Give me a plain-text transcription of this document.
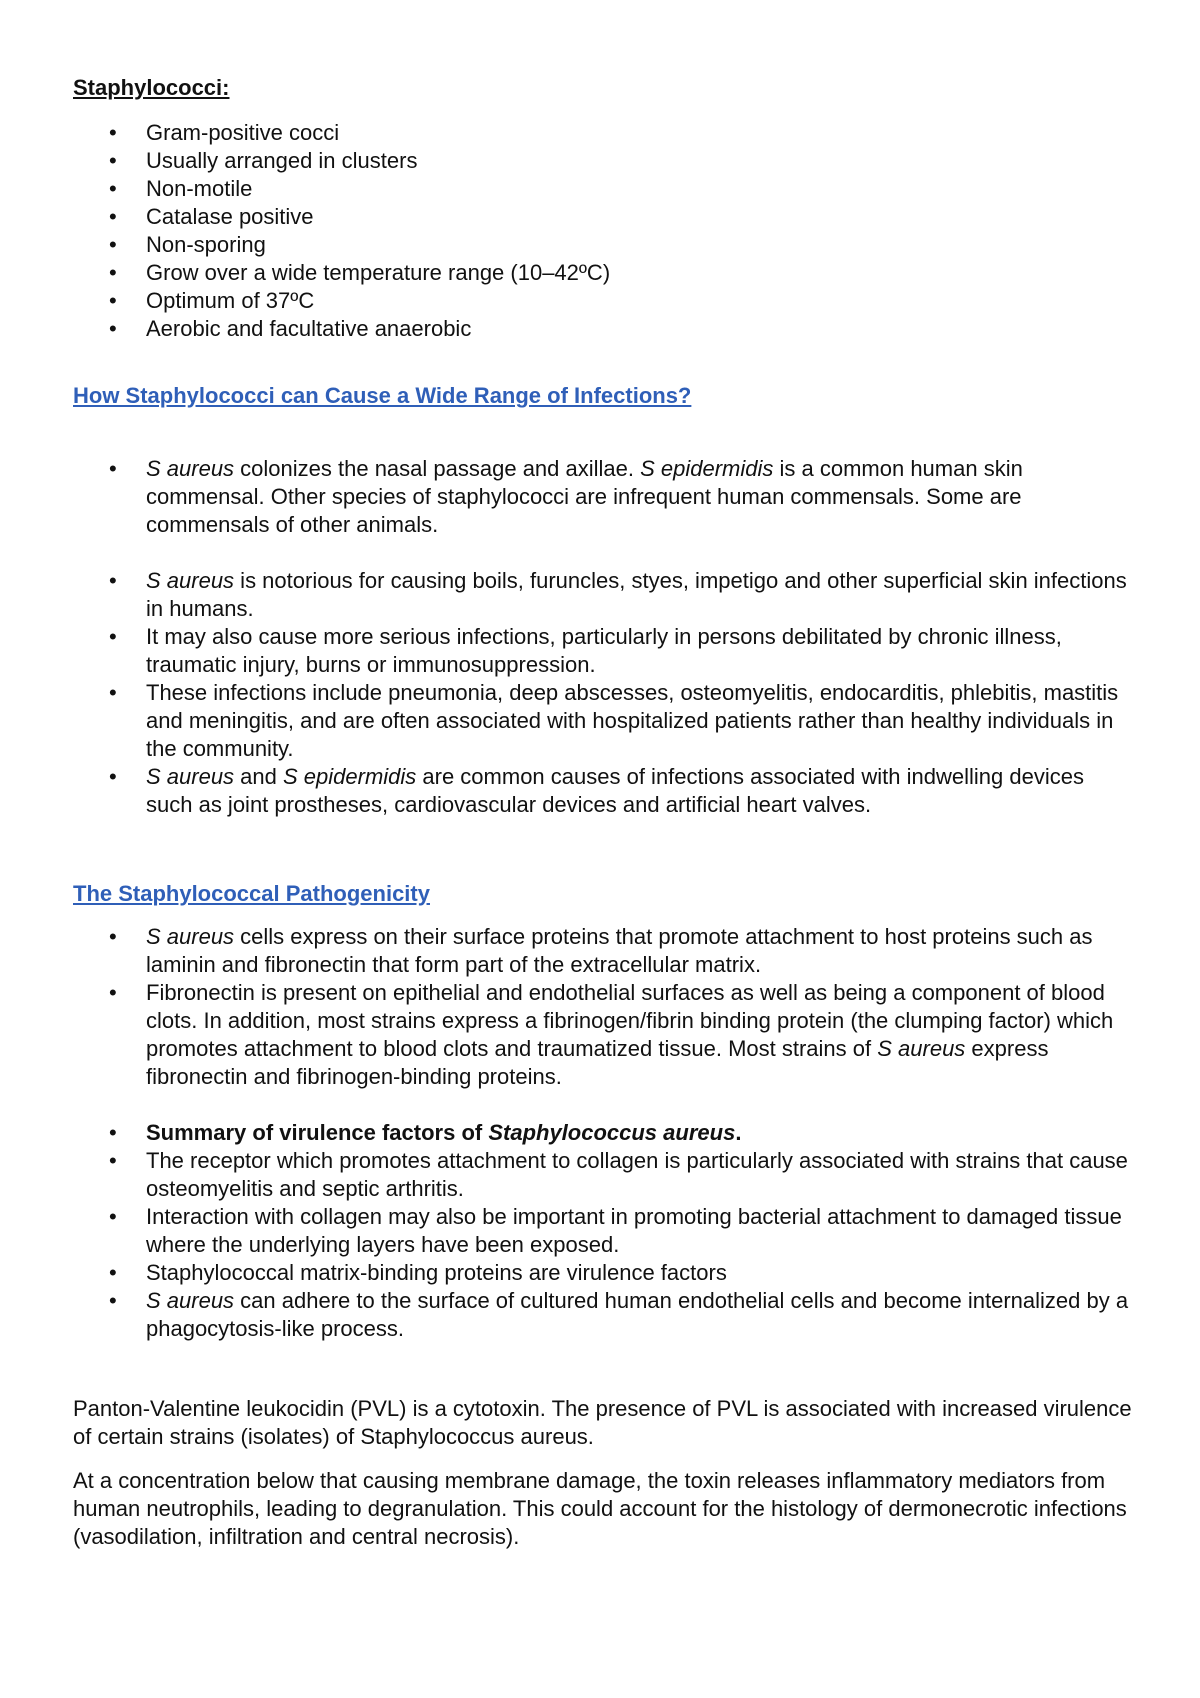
Staphylococci:
•	Gram-positive cocci
•	Usually arranged in clusters
•	Non-motile
•	Catalase positive
•	Non-sporing
•	Grow over a wide temperature range (10–42ºC)
•	Optimum of 37ºC
•	Aerobic and facultative anaerobic
How Staphylococci can Cause a Wide Range of Infections?
•	S aureus colonizes the nasal passage and axillae. S epidermidis is a common human skin commensal. Other species of staphylococci are infrequent human commensals. Some are commensals of other animals.
•	S aureus is notorious for causing boils, furuncles, styes, impetigo and other superficial skin infections in humans.
•	It may also cause more serious infections, particularly in persons debilitated by chronic illness, traumatic injury, burns or immunosuppression.
•	These infections include pneumonia, deep abscesses, osteomyelitis, endocarditis, phlebitis, mastitis and meningitis, and are often associated with hospitalized patients rather than healthy individuals in the community.
•	S aureus and S epidermidis are common causes of infections associated with indwelling devices such as joint prostheses, cardiovascular devices and artificial heart valves.
The Staphylococcal Pathogenicity
•	S aureus cells express on their surface proteins that promote attachment to host proteins such as laminin and fibronectin that form part of the extracellular matrix.
•	Fibronectin is present on epithelial and endothelial surfaces as well as being a component of blood clots. In addition, most strains express a fibrinogen/fibrin binding protein (the clumping factor) which promotes attachment to blood clots and traumatized tissue. Most strains of S aureus express fibronectin and fibrinogen-binding proteins.
•	Summary of virulence factors of Staphylococcus aureus.
•	The receptor which promotes attachment to collagen is particularly associated with strains that cause osteomyelitis and septic arthritis.
•	Interaction with collagen may also be important in promoting bacterial attachment to damaged tissue where the underlying layers have been exposed.
•	Staphylococcal matrix-binding proteins are virulence factors
•	S aureus can adhere to the surface of cultured human endothelial cells and become internalized by a phagocytosis-like process.

Panton-Valentine leukocidin (PVL) is a cytotoxin. The presence of PVL is associated with increased virulence of certain strains (isolates) of Staphylococcus aureus.

At a concentration below that causing membrane damage, the toxin releases inflammatory mediators from human neutrophils, leading to degranulation. This could account for the histology of dermonecrotic infections (vasodilation, infiltration and central necrosis).
